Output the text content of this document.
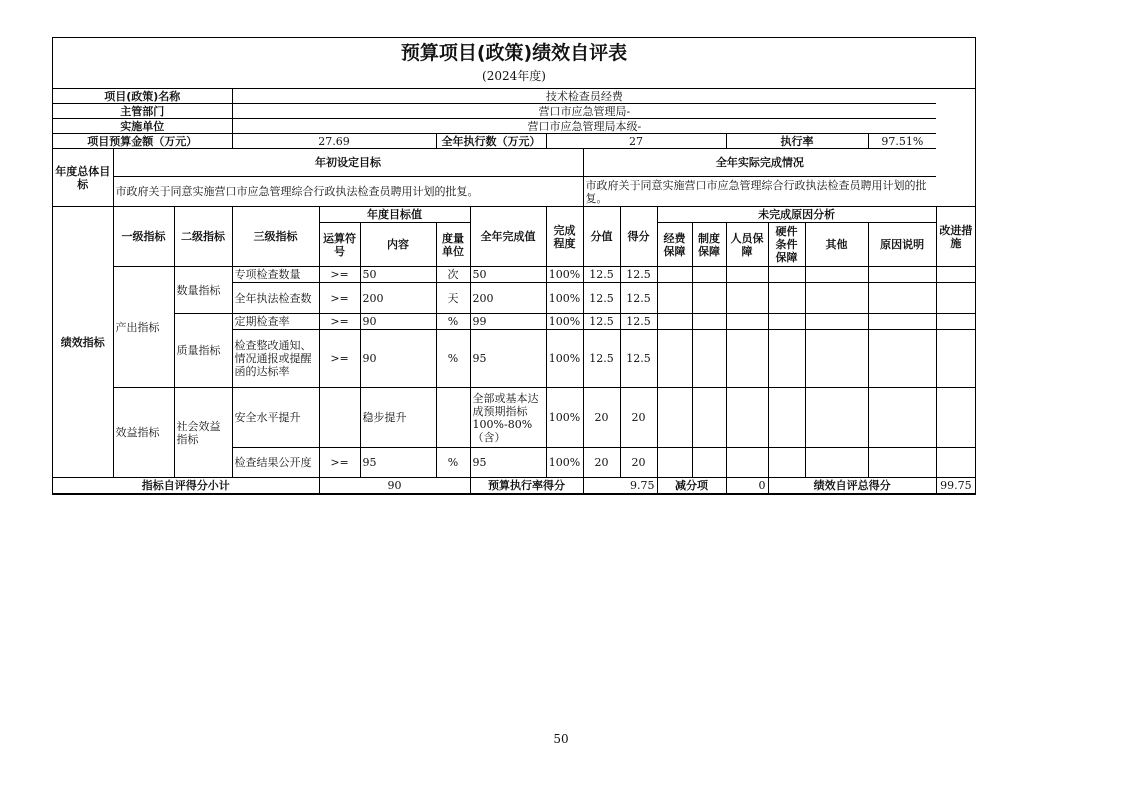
预算项目(政策)绩效自评表
(2024年度)
项目(政策)名称			技术检查员经费														
主管部门			营口市应急管理局-														
实施单位			营口市应急管理局本级-														
项目预算金额（万元）			27.69			全年执行数（万元）		27					执行率			97.51%	
年度总体目标	年初设定目标								全年实际完成情况								
	市政府关于同意实施营口市应急管理综合行政执法检查员聘用计划的批复。								市政府关于同意实施营口市应急管理综合行政执法检查员聘用计划的批复。								
绩效指标	一级指标	二级指标	三级指标	年度目标值			全年完成值	完成程度	分值	得分	未完成原因分析						改进措施
				运算符号	内容	度量单位					经费保障	制度保障	人员保障	硬件条件保障	其他	原因说明	
	产出指标	数量指标	专项检查数量	>=	50	次	50	100%	12.5	12.5							
			全年执法检查数	>=	200	天	200	100%	12.5	12.5							
		质量指标	定期检查率	>=	90	%	99	100%	12.5	12.5							
			检查整改通知、情况通报或提醒函的达标率	>=	90	%	95	100%	12.5	12.5							
	效益指标	社会效益指标	安全水平提升		稳步提升		全部或基本达成预期指标100%-80%（含）	100%	20	20							
			检查结果公开度	>=	95	%	95	100%	20	20							
指标自评得分小计				90			预算执行率得分		9.75		减分项		0	绩效自评总得分			99.75
50
